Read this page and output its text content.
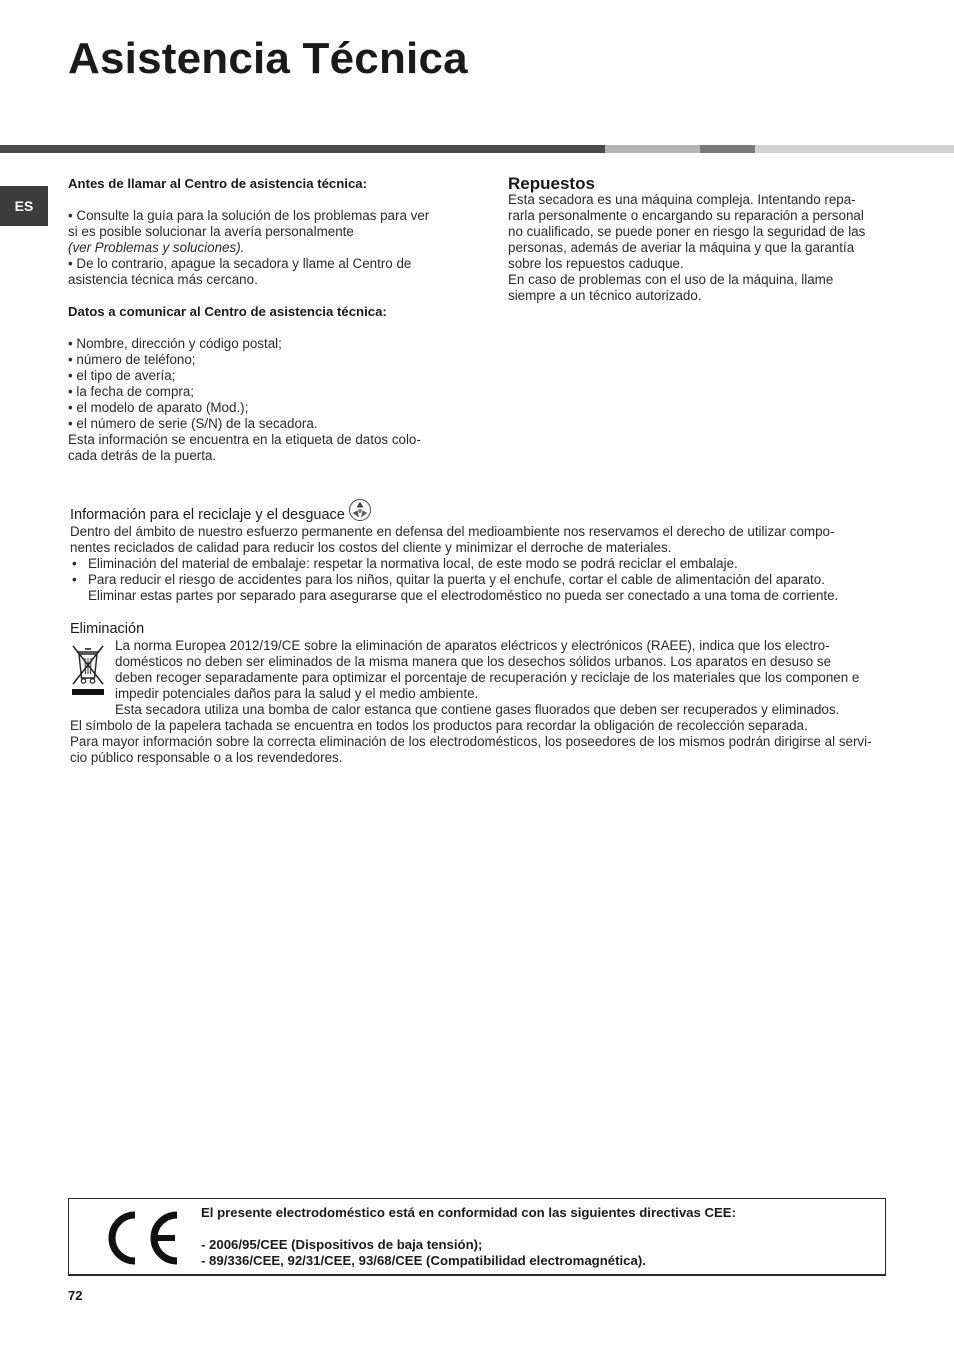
Asistencia Técnica
ES

Antes de llamar al Centro de asistencia técnica:

• Consulte la guía para la solución de los problemas para ver

si es posible solucionar la avería personalmente

(ver Problemas y soluciones).

• De lo contrario, apague la secadora y llame al Centro de

asistencia técnica más cercano.

Datos a comunicar al Centro de asistencia técnica:

• Nombre, dirección y código postal;

• número de teléfono;

• el tipo de avería;

• la fecha de compra;

• el modelo de aparato (Mod.);

• el número de serie (S/N) de la secadora.

Esta información se encuentra en la etiqueta de datos colo-

cada detrás de la puerta.

Repuestos

Esta secadora es una máquina compleja. Intentando repa-

rarla personalmente o encargando su reparación a personal

no cualificado, se puede poner en riesgo la seguridad de las

personas, además de averiar la máquina y que la garantía

sobre los repuestos caduque.

En caso de problemas con el uso de la máquina, llame

siempre a un técnico autorizado.

Información para el reciclaje y el desguace

Dentro del ámbito de nuestro esfuerzo permanente en defensa del medioambiente nos reservamos el derecho de utilizar compo-

nentes reciclados de calidad para reducir los costos del cliente y minimizar el derroche de materiales.

• Eliminación del material de embalaje: respetar la normativa local, de este modo se podrá reciclar el embalaje.

• Para reducir el riesgo de accidentes para los niños, quitar la puerta y el enchufe, cortar el cable de alimentación del aparato.

Eliminar estas partes por separado para asegurarse que el electrodoméstico no pueda ser conectado a una toma de corriente.

Eliminación

La norma Europea 2012/19/CE sobre la eliminación de aparatos eléctricos y electrónicos (RAEE), indica que los electro-

domésticos no deben ser eliminados de la misma manera que los desechos sólidos urbanos. Los aparatos en desuso se

deben recoger separadamente para optimizar el porcentaje de recuperación y reciclaje de los materiales que los componen e

impedir potenciales daños para la salud y el medio ambiente.

Esta secadora utiliza una bomba de calor estanca que contiene gases fluorados que deben ser recuperados y eliminados.

El símbolo de la papelera tachada se encuentra en todos los productos para recordar la obligación de recolección separada.

Para mayor información sobre la correcta eliminación de los electrodomésticos, los poseedores de los mismos podrán dirigirse al servi-

cio público responsable o a los revendedores.

El presente electrodoméstico está en conformidad con las siguientes directivas CEE:

- 2006/95/CEE (Dispositivos de baja tensión);

- 89/336/CEE, 92/31/CEE, 93/68/CEE (Compatibilidad electromagnética).

72
